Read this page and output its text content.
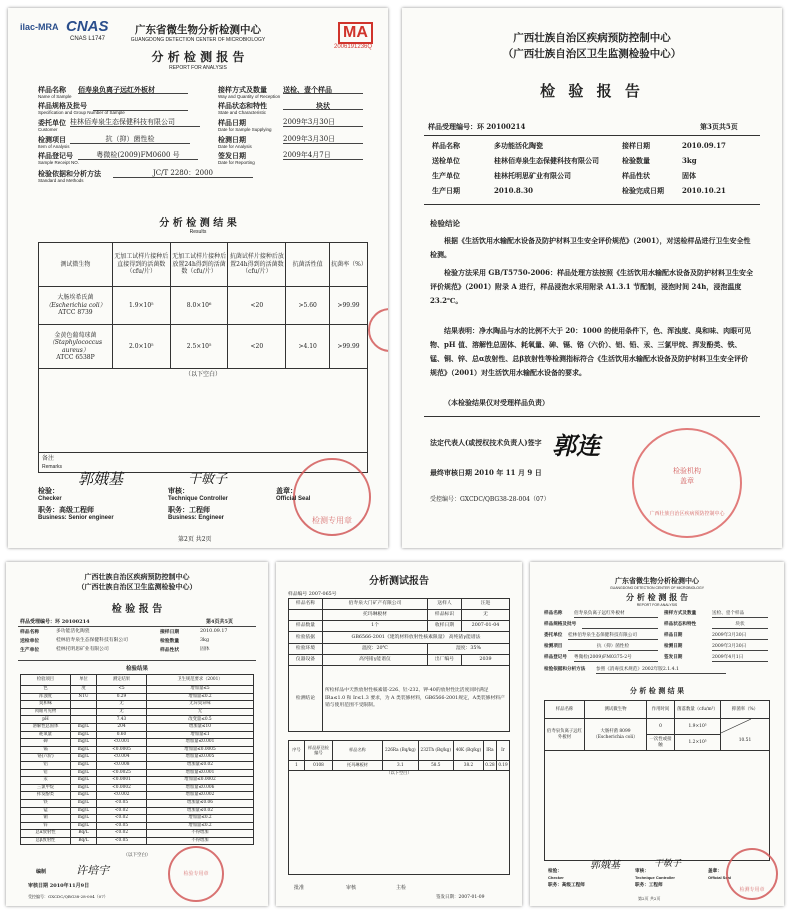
ilac-MRA CNAS
CNAS L1747	MA
2006191236Q
广东省微生物分析检测中心
GUANGDONG DETECTION CENTER OF MICROBIOLOGY
分 析 检 测 报 告
REPORT FOR ANALYSIS
样品名称 佰寿泉负离子远红外板材
Name of Sample
接样方式及数量 送检、壹个样品
Way and Quantity of Reception
样品规格及批号
Specification and Group Number of Sample
样品状态和特性	块状
State and Characteristic
委托单位 桂林佰寿泉生态保健科技有限公司
Customer
样品日期	2009年3月30日
Date for Sample Supplying
检测项目	抗（抑）菌性检
Item of Analysis
检测日期	2009年3月30日
Date for Analysis
样品登记号	粤微检(2009)FM0600 号
Sample Receipt NO.
签发日期	2009年4月7日
Date for Reporting
检验依据和分析方法	JC/T 2280：2000
Standard and Methods
分 析 检 测 结 果
Results
测试微生物	无加工试样片接种后直接得到的活菌数（cfu/片）	无加工试样片接种后放置24h得到的活菌数（cfu/片）	抗菌试样片接种后放置24h得到的活菌数（cfu/片）	抗菌活性值	抗菌率（%）

大肠埃希氏菌
（Escherichia coli）
ATCC 8739	1.9×10⁵	8.0×10⁶	<20	>5.60	>99.99

金黄色葡萄球菌
（Staphylococcus
aureus）
ATCC 6538P	2.0×10⁵	2.5×10⁵	<20	>4.10	>99.99
（以下空白）					
备注
Remarks					
检测专用章
郭娥基	干敏子
检验：
Checker
职务：高级工程师
Business: Senior engineer
审核：
Technique Controller
职务：工程师
Business: Engineer
盖章：
Official Seal
第2页 共2页
广西壮族自治区疾病预防控制中心
（广西壮族自治区卫生监测检验中心）
检 验 报 告
样品受理编号：环 20100214	第3页共5页
样品名称	多功能活化陶瓷	接样日期	2010.09.17
送检单位	桂林佰寿泉生态保健科技有限公司	检验数量	3kg
生产单位	桂林托明思矿业有限公司	样品性状	固体
生产日期	2010.8.30	检验完成日期	2010.10.21
检验结论
根据《生活饮用水输配水设备及防护材料卫生安全评价规范》（2001），对送检样品进行卫生安全性检测。
检验方法采用 GB/T5750-2006：样品处理方法按照《生活饮用水输配水设备及防护材料卫生安全评价规范》（2001）附录 A 进行，样品浸泡水采用附录 A1.3.1 节配制，浸泡时间 24h，浸泡温度 23.2℃。
结果表明：净水陶品与水的比例不大于 20：1000 的使用条件下，色、浑浊度、臭和味、肉眼可见物、pH 值、溶解性总固体、耗氧量、砷、镉、铬（六价）、铝、铅、汞、三氯甲烷、挥发酚类、铁、锰、铜、锌、总α放射性、总β放射性等检测指标符合《生活饮用水输配水设备及防护材料卫生安全评价规范》（2001）对生活饮用水输配水设备的要求。
（本检验结果仅对受理样品负责）
法定代表人(或授权技术负责人)签字 郭连
检验机构
盖章
广西壮族自治区疾病预防控制中心
最终审核日期 2010 年 11 月 9 日
受控编号：GXCDC/QBG38-28-004（07）
广西壮族自治区疾病预防控制中心
（广西壮族自治区卫生监测检验中心）
检 验 报 告
样品受理编号：环 20100214	第4页共5页
样品名称	多功能活化陶瓷	接样日期	2010.09.17
送检单位	桂林佰寿泉生态保健科技有限公司	检验数量	3kg
生产单位	桂林托明思矿业有限公司	样品性状	固体
检验结果
检验项目	单位	测定结果	卫生规范要求（2001）
色	度	<5	增加量≤5
浑浊度	NTU	0.29	增加量≤0.2
臭和味		无	无异臭异味
肉眼可见物		无	无
pH		7.43	改变量≤0.5
溶解性总固体	mg/L	204	增加量≤10
耗氧量	mg/L	0.60	增加量≤1
砷	mg/L	<0.001	增加量≤0.001
镉	mg/L	<0.0005	增加量≤0.0005
铬(六价)	mg/L	<0.004	增加量≤0.005
铝	mg/L	<0.008	增加量≤0.02
铅	mg/L	<0.0025	增加量≤0.001
汞	mg/L	<0.0001	增加量≤0.0002
三氯甲烷	mg/L	<0.0002	增加量≤0.006
挥发酚类	mg/L	<0.002	增加量≤0.002
铁	mg/L	<0.05	增加量≤0.06
锰	mg/L	<0.02	增加量≤0.02
铜	mg/L	<0.02	增加量≤0.2
锌	mg/L	<0.05	增加量≤0.2
总α放射性	Bq/L	<0.02	不得增加
总β放射性	Bq/L	<0.05	不得增加
（以下空白）
编制	许培宇
审核日期 2010年11月9日
受控编号：GXCDC/QBG38-28-004（07）
检验专用章
分析测试报告
样品编号 2007-065号
样品名称	佰寿泉大门矿产有限公司	送样人	汪进
	托玛琳板材	样品标识	无
样品数量	1个	收样日期	2007-01-04
检验依据	GB6566-2001《建筑材料放射性核素限量》 高纯锗γ能谱法		
检验环境	温度：20℃	湿度：35%	
仪器设备	高纯锗γ能谱仪	出厂编号	2039
检测结论	所检样品中天然放射性核素镭-226、钍-232、钾-40的放射性比活度同时满足 IRa≤1.0 和 Ir≤1.3 要求，为 A 类装修材料，GB6566-2001规定，A类装修材料产销与使用范围不受限制。		
序号	样品原送检编号	样品名称	226Ra (Bq/kg)	232Th (Bq/kg)	40K (Bq/kg)	IRa	Ir
1	0108	托玛琳板材	3.1	58.5	38.2	0.28	0.19
（以下空白）							
批准	审核	主检
签发日期：2007-01-09
广东省微生物分析检测中心
GUANGDONG DETECTION CENTER OF MICROBIOLOGY
分 析 检 测 报 告
REPORT FOR ANALYSIS
样品名称	佰寿泉负离子远红外板材	接样方式及数量	送检、壹个样品
样品规格及批号	样品状态和特性	块状
委托单位 桂林佰寿泉生态保健科技有限公司	样品日期	2009年3月30日
检测项目	抗（抑）菌性检	检测日期	2009年3月30日
样品登记号 粤微检(2009)FM0375-2号	签发日期	2009年4月1日
检验依据和分析方法 参照《消毒技术规范》2002年版2.1.4.1
分 析 检 测 结 果
样品名称	测试微生物	作用时间	菌落数量（cfu/m³）	抑菌率（%）
佰寿泉负离子远红外板材	大肠杆菌 8099（Escherichia coli）	0	1.9×10⁵	10.51
		一次性或接触	1.2×10⁵	

郭娥基	干敏子
检验：
Checker
职务：高级工程师
审核：
Technique Controller
职务：工程师
盖章：
Official Seal
检测专用章
第2页 共2页
